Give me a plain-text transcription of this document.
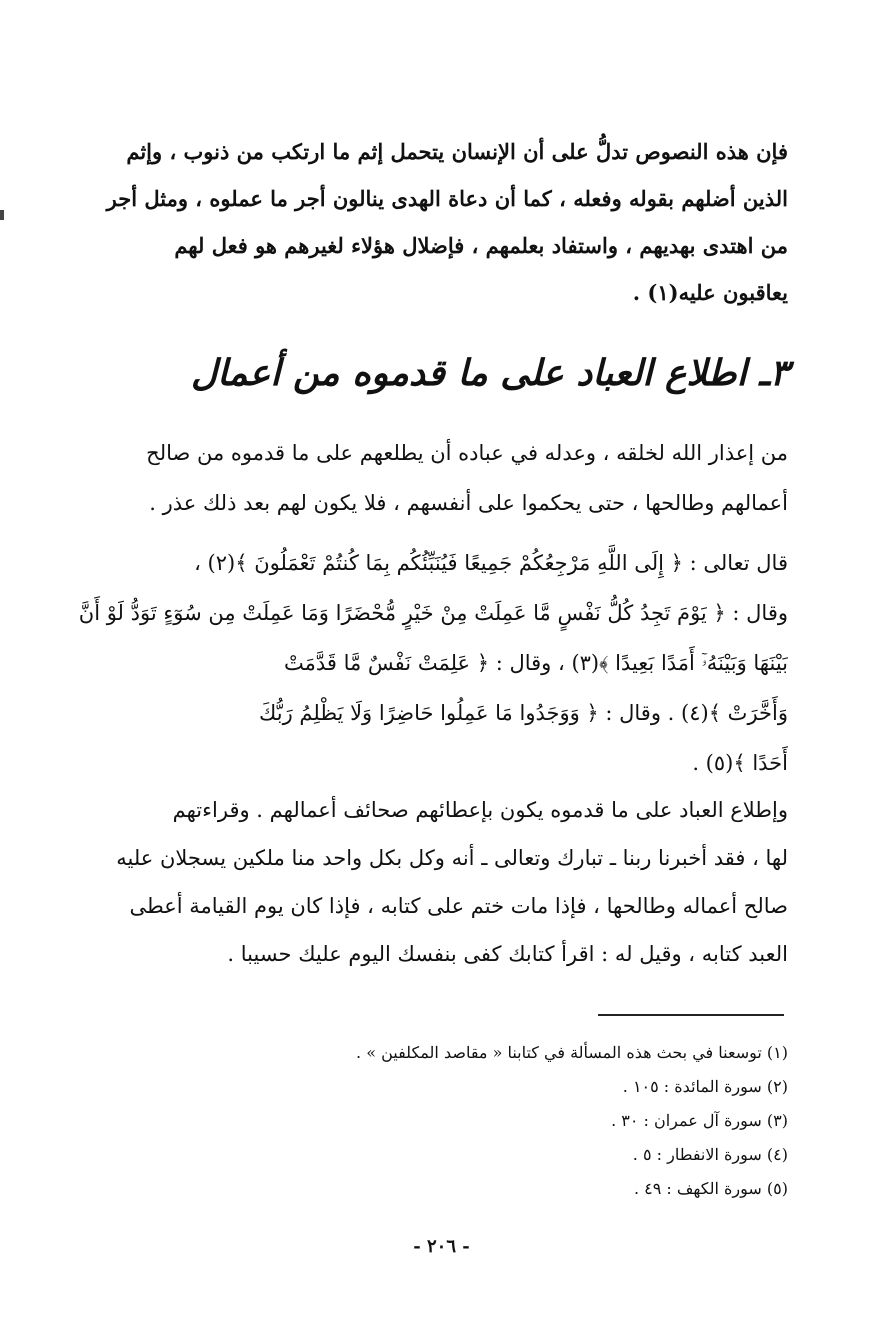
فإن هذه النصوص تدلُّ على أن الإنسان يتحمل إثم ما ارتكب من ذنوب ، وإثم
الذين أضلهم بقوله وفعله ، كما أن دعاة الهدى ينالون أجر ما عملوه ، ومثل أجر
من اهتدى بهديهم ، واستفاد بعلمهم ، فإضلال هؤلاء لغيرهم هو فعل لهم
يعاقبون عليه(١) .
٣ـ اطلاع العباد على ما قدموه من أعمال
من إعذار الله لخلقه ، وعدله في عباده أن يطلعهم على ما قدموه من صالح
أعمالهم وطالحها ، حتى يحكموا على أنفسهم ، فلا يكون لهم بعد ذلك عذر .
قال تعالى : ﴿ إِلَى اللَّهِ مَرْجِعُكُمْ جَمِيعًا فَيُنَبِّئُكُم بِمَا كُنتُمْ تَعْمَلُونَ ﴾(٢) ،
وقال : ﴿ يَوْمَ تَجِدُ كُلُّ نَفْسٍ مَّا عَمِلَتْ مِنْ خَيْرٍ مُّحْضَرًا وَمَا عَمِلَتْ مِن سُوٓءٍ تَوَدُّ لَوْ أَنَّ
بَيْنَهَا وَبَيْنَهُۥٓ أَمَدًا بَعِيدًا ﴾(٣) ، وقال : ﴿ عَلِمَتْ نَفْسٌ مَّا قَدَّمَتْ
وَأَخَّرَتْ ﴾(٤) . وقال : ﴿ وَوَجَدُوا مَا عَمِلُوا حَاضِرًا وَلَا يَظْلِمُ رَبُّكَ
أَحَدًا ﴾(٥) .
وإطلاع العباد على ما قدموه يكون بإعطائهم صحائف أعمالهم . وقراءتهم
لها ، فقد أخبرنا ربنا ـ تبارك وتعالى ـ أنه وكل بكل واحد منا ملكين يسجلان عليه
صالح أعماله وطالحها ، فإذا مات ختم على كتابه ، فإذا كان يوم القيامة أعطى
العبد كتابه ، وقيل له : اقرأ كتابك كفى بنفسك اليوم عليك حسيبا .
(١) توسعنا في بحث هذه المسألة في كتابنا « مقاصد المكلفين » .
(٢) سورة المائدة : ١٠٥ .
(٣) سورة آل عمران : ٣٠ .
(٤) سورة الانفطار : ٥ .
(٥) سورة الكهف : ٤٩ .
- ٢٠٦ -
